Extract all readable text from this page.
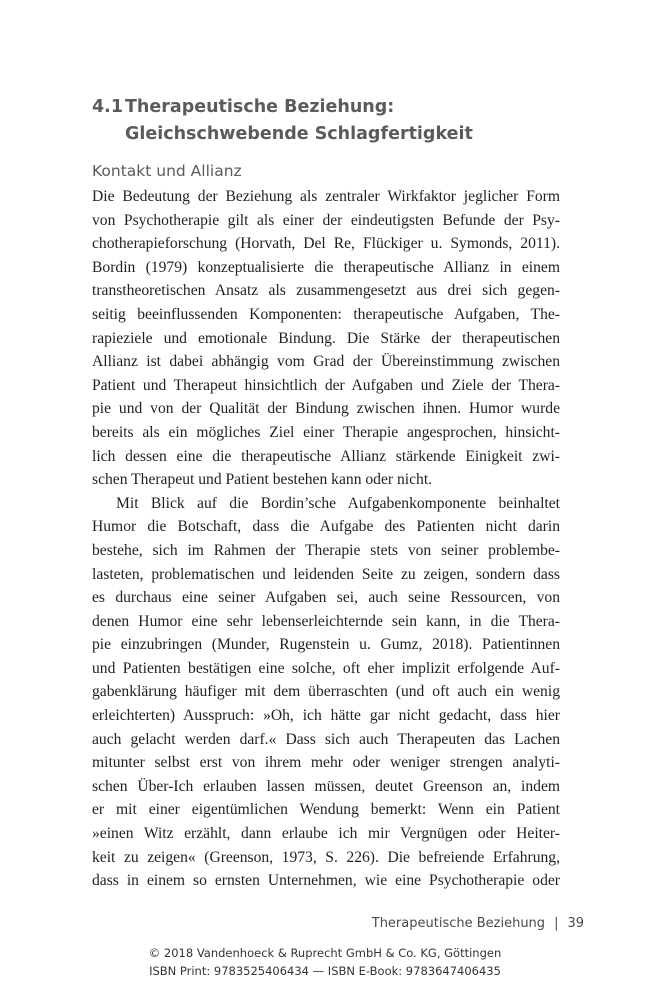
4.1 Therapeutische Beziehung:
Gleichschwebende Schlagfertigkeit
Kontakt und Allianz
Die Bedeutung der Beziehung als zentraler Wirkfaktor jeglicher Form
von Psychotherapie gilt als einer der eindeutigsten Befunde der Psy-
chotherapieforschung (Horvath, Del Re, Flückiger u. Symonds, 2011).
Bordin (1979) konzeptualisierte die therapeutische Allianz in einem
transtheoretischen Ansatz als zusammengesetzt aus drei sich gegen-
seitig beeinflussenden Komponenten: therapeutische Aufgaben, The-
rapieziele und emotionale Bindung. Die Stärke der therapeutischen
Allianz ist dabei abhängig vom Grad der Übereinstimmung zwischen
Patient und Therapeut hinsichtlich der Aufgaben und Ziele der Thera-
pie und von der Qualität der Bindung zwischen ihnen. Humor wurde
bereits als ein mögliches Ziel einer Therapie angesprochen, hinsicht-
lich dessen eine die therapeutische Allianz stärkende Einigkeit zwi-
schen Therapeut und Patient bestehen kann oder nicht.
Mit Blick auf die Bordin’sche Aufgabenkomponente beinhaltet
Humor die Botschaft, dass die Aufgabe des Patienten nicht darin
bestehe, sich im Rahmen der Therapie stets von seiner problembe-
lasteten, problematischen und leidenden Seite zu zeigen, sondern dass
es durchaus eine seiner Aufgaben sei, auch seine Ressourcen, von
denen Humor eine sehr lebenserleichternde sein kann, in die Thera-
pie einzubringen (Munder, Rugenstein u. Gumz, 2018). Patientinnen
und Patienten bestätigen eine solche, oft eher implizit erfolgende Auf-
gabenklärung häufiger mit dem überraschten (und oft auch ein wenig
erleichterten) Ausspruch: »Oh, ich hätte gar nicht gedacht, dass hier
auch gelacht werden darf.« Dass sich auch Therapeuten das Lachen
mitunter selbst erst von ihrem mehr oder weniger strengen analyti-
schen Über-Ich erlauben lassen müssen, deutet Greenson an, indem
er mit einer eigentümlichen Wendung bemerkt: Wenn ein Patient
»einen Witz erzählt, dann erlaube ich mir Vergnügen oder Heiter-
keit zu zeigen« (Greenson, 1973, S. 226). Die befreiende Erfahrung,
dass in einem so ernsten Unternehmen, wie eine Psychotherapie oder
Therapeutische Beziehung | 39
© 2018 Vandenhoeck & Ruprecht GmbH & Co. KG, Göttingen
ISBN Print: 9783525406434 — ISBN E-Book: 9783647406435
